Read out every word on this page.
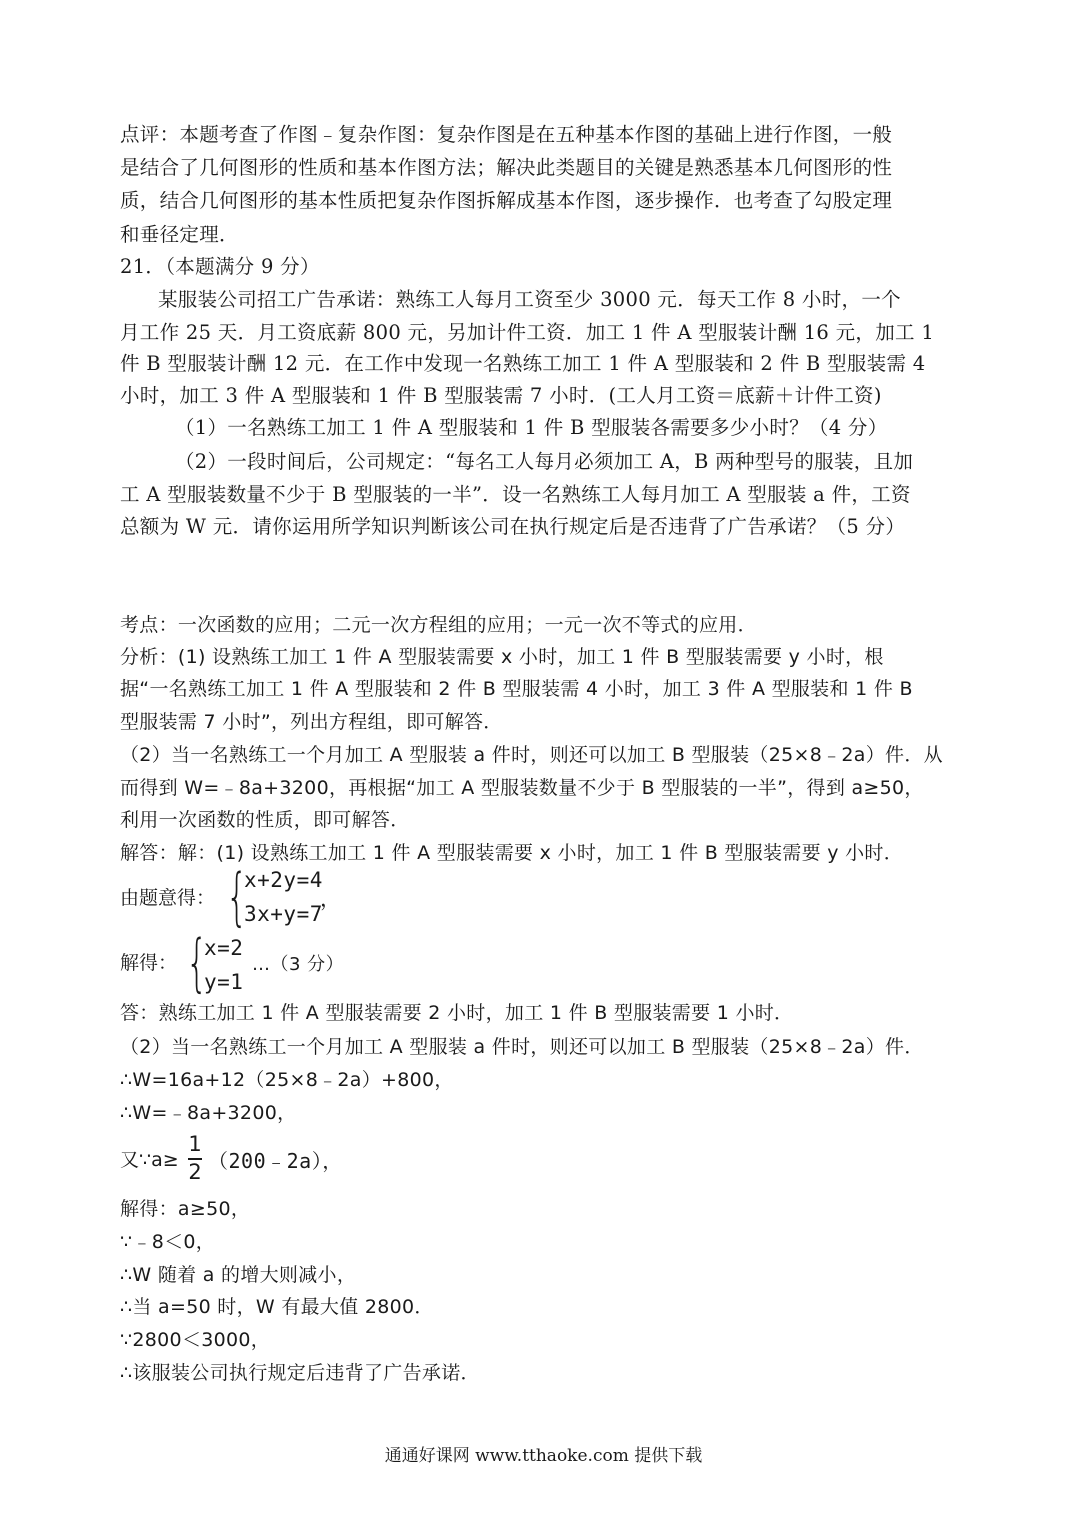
点评：本题考查了作图﹣复杂作图：复杂作图是在五种基本作图的基础上进行作图，一般
是结合了几何图形的性质和基本作图方法；解决此类题目的关键是熟悉基本几何图形的性
质，结合几何图形的基本性质把复杂作图拆解成基本作图，逐步操作．也考查了勾股定理
和垂径定理．
21．（本题满分 9 分）
某服装公司招工广告承诺：熟练工人每月工资至少 3000 元．每天工作 8 小时，一个
月工作 25 天．月工资底薪 800 元，另加计件工资．加工 1 件 A 型服装计酬 16 元，加工 1
件 B 型服装计酬 12 元．在工作中发现一名熟练工加工 1 件 A 型服装和 2 件 B 型服装需 4
小时，加工 3 件 A 型服装和 1 件 B 型服装需 7 小时．(工人月工资＝底薪＋计件工资)
（1）一名熟练工加工 1 件 A 型服装和 1 件 B 型服装各需要多少小时？（4 分）
（2）一段时间后，公司规定：“每名工人每月必须加工 A，B 两种型号的服装，且加
工 A 型服装数量不少于 B 型服装的一半”．设一名熟练工人每月加工 A 型服装 a 件，工资
总额为 W 元．请你运用所学知识判断该公司在执行规定后是否违背了广告承诺？（5 分）
考点：一次函数的应用；二元一次方程组的应用；一元一次不等式的应用．
分析：(1) 设熟练工加工 1 件 A 型服装需要 x 小时，加工 1 件 B 型服装需要 y 小时，根
据“一名熟练工加工 1 件 A 型服装和 2 件 B 型服装需 4 小时，加工 3 件 A 型服装和 1 件 B
型服装需 7 小时”，列出方程组，即可解答．
（2）当一名熟练工一个月加工 A 型服装 a 件时，则还可以加工 B 型服装（25×8﹣2a）件．从
而得到 W=﹣8a+3200，再根据“加工 A 型服装数量不少于 B 型服装的一半”，得到 a≥50，
利用一次函数的性质，即可解答．
解答：解：(1) 设熟练工加工 1 件 A 型服装需要 x 小时，加工 1 件 B 型服装需要 y 小时．
由题意得： {
x+2y=4
3x+y=7
，
解得： {
x=2
y=1
…（3 分）
答：熟练工加工 1 件 A 型服装需要 2 小时，加工 1 件 B 型服装需要 1 小时．
（2）当一名熟练工一个月加工 A 型服装 a 件时，则还可以加工 B 型服装（25×8﹣2a）件．
∴W=16a+12（25×8﹣2a）+800，
∴W=﹣8a+3200，
又∵a≥
1
2 （200﹣2a），
解得：a≥50，
∵﹣8＜0，
∴W 随着 a 的增大则减小，
∴当 a=50 时，W 有最大值 2800．
∵2800＜3000，
∴该服装公司执行规定后违背了广告承诺．
通通好课网 www.tthaoke.com 提供下载
